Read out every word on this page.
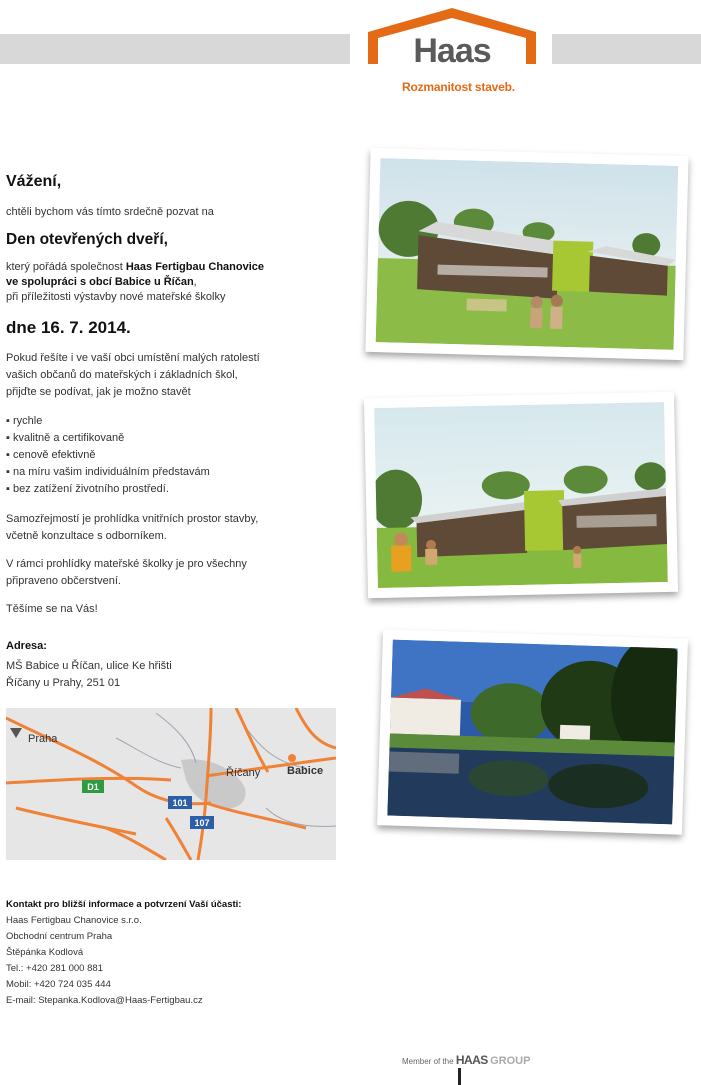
Haas
Rozmanitost staveb.
Vážení,
chtěli bychom vás tímto srdečně pozvat na
Den otevřených dveří,
který pořádá společnost Haas Fertigbau Chanovice
ve spolupráci s obcí Babice u Říčan,
při příležitosti výstavby nové mateřské školky
dne 16. 7. 2014.
Pokud řešíte i ve vaší obci umístění malých ratolestí
vašich občanů do mateřských i základních škol,
přijďte se podívat, jak je možno stavět
▪ rychle
▪ kvalitně a certifikovaně
▪ cenově efektivně
▪ na míru vašim individuálním představám
▪ bez zatížení životního prostředí.
Samozřejmostí je prohlídka vnitřních prostor stavby,
včetně konzultace s odborníkem.
V rámci prohlídky mateřské školky je pro všechny
připraveno občerstvení.
Těšíme se na Vás!
Adresa:
MŠ Babice u Říčan, ulice Ke hřišti
Říčany u Prahy, 251 01
Praha
Říčany Babice
D1
101
107
Kontakt pro bližší informace a potvrzení Vaší účasti:
Haas Fertigbau Chanovice s.r.o.
Obchodní centrum Praha
Štěpánka Kodlová
Tel.: +420 281 000 881
Mobil: +420 724 035 444
E-mail: Stepanka.Kodlova@Haas-Fertigbau.cz
Member of the HAAS GROUP
